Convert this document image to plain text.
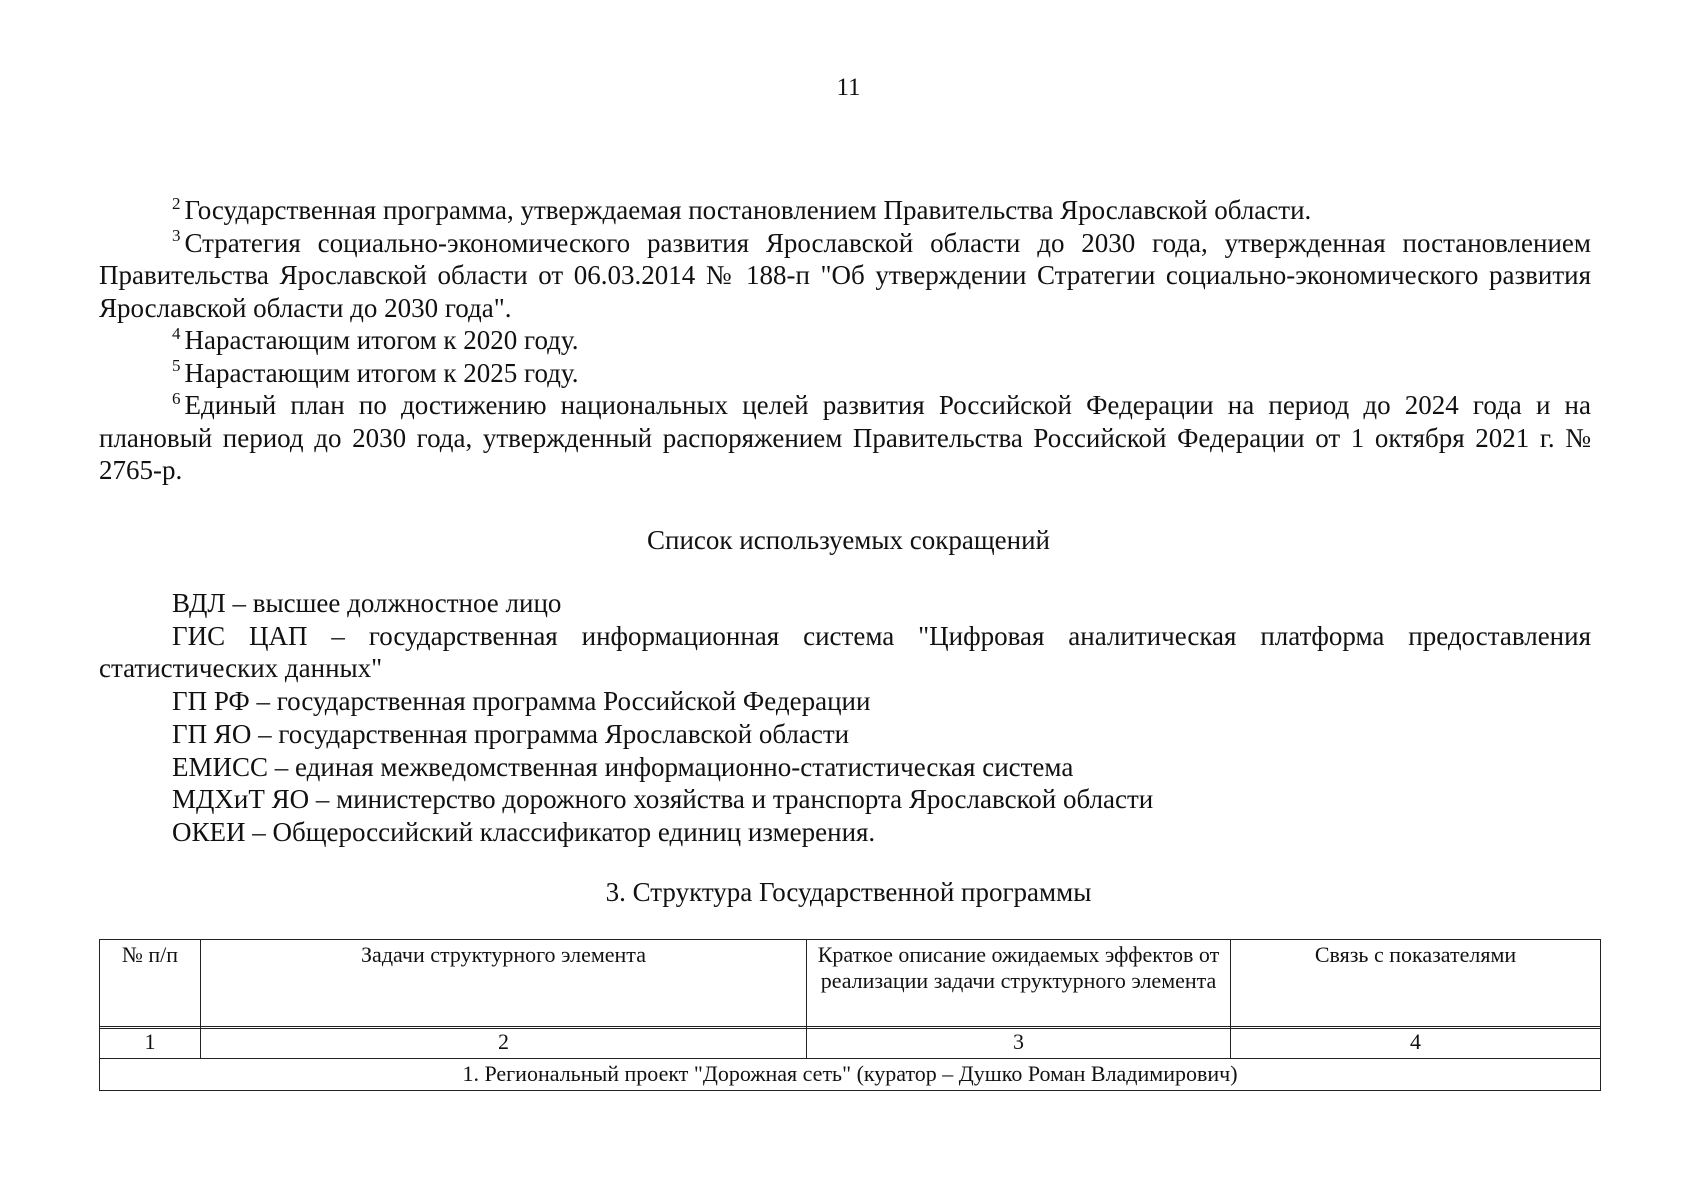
11

$^2$ Государственная программа, утверждаемая постановлением Правительства Ярославской области.

$^3$ Стратегия социально-экономического развития Ярославской области до 2030 года, утвержденная постановлением Правительства Ярославской области от 06.03.2014 № 188-п "Об утверждении Стратегии социально-экономического развития Ярославской области до 2030 года".

$^4$ Нарастающим итогом к 2020 году.

$^5$ Нарастающим итогом к 2025 году.

$^6$ Единый план по достижению национальных целей развития Российской Федерации на период до 2024 года и на плановый период до 2030 года, утвержденный распоряжением Правительства Российской Федерации от 1 октября 2021 г. № 2765-р.

Список используемых сокращений

ВДЛ – высшее должностное лицо

ГИС ЦАП – государственная информационная система "Цифровая аналитическая платформа предоставления статистических данных"

ГП РФ – государственная программа Российской Федерации

ГП ЯО – государственная программа Ярославской области

ЕМИСС – единая межведомственная информационно-статистическая система

МДХиТ ЯО – министерство дорожного хозяйства и транспорта Ярославской области

ОКЕИ – Общероссийский классификатор единиц измерения.

3. Структура Государственной программы
№ п/п	Задачи структурного элемента	Краткое описание ожидаемых эффектов от реализации задачи структурного элемента	Связь с показателями
1	2	3	4
1. Региональный проект "Дорожная сеть" (куратор – Душко Роман Владимирович)
